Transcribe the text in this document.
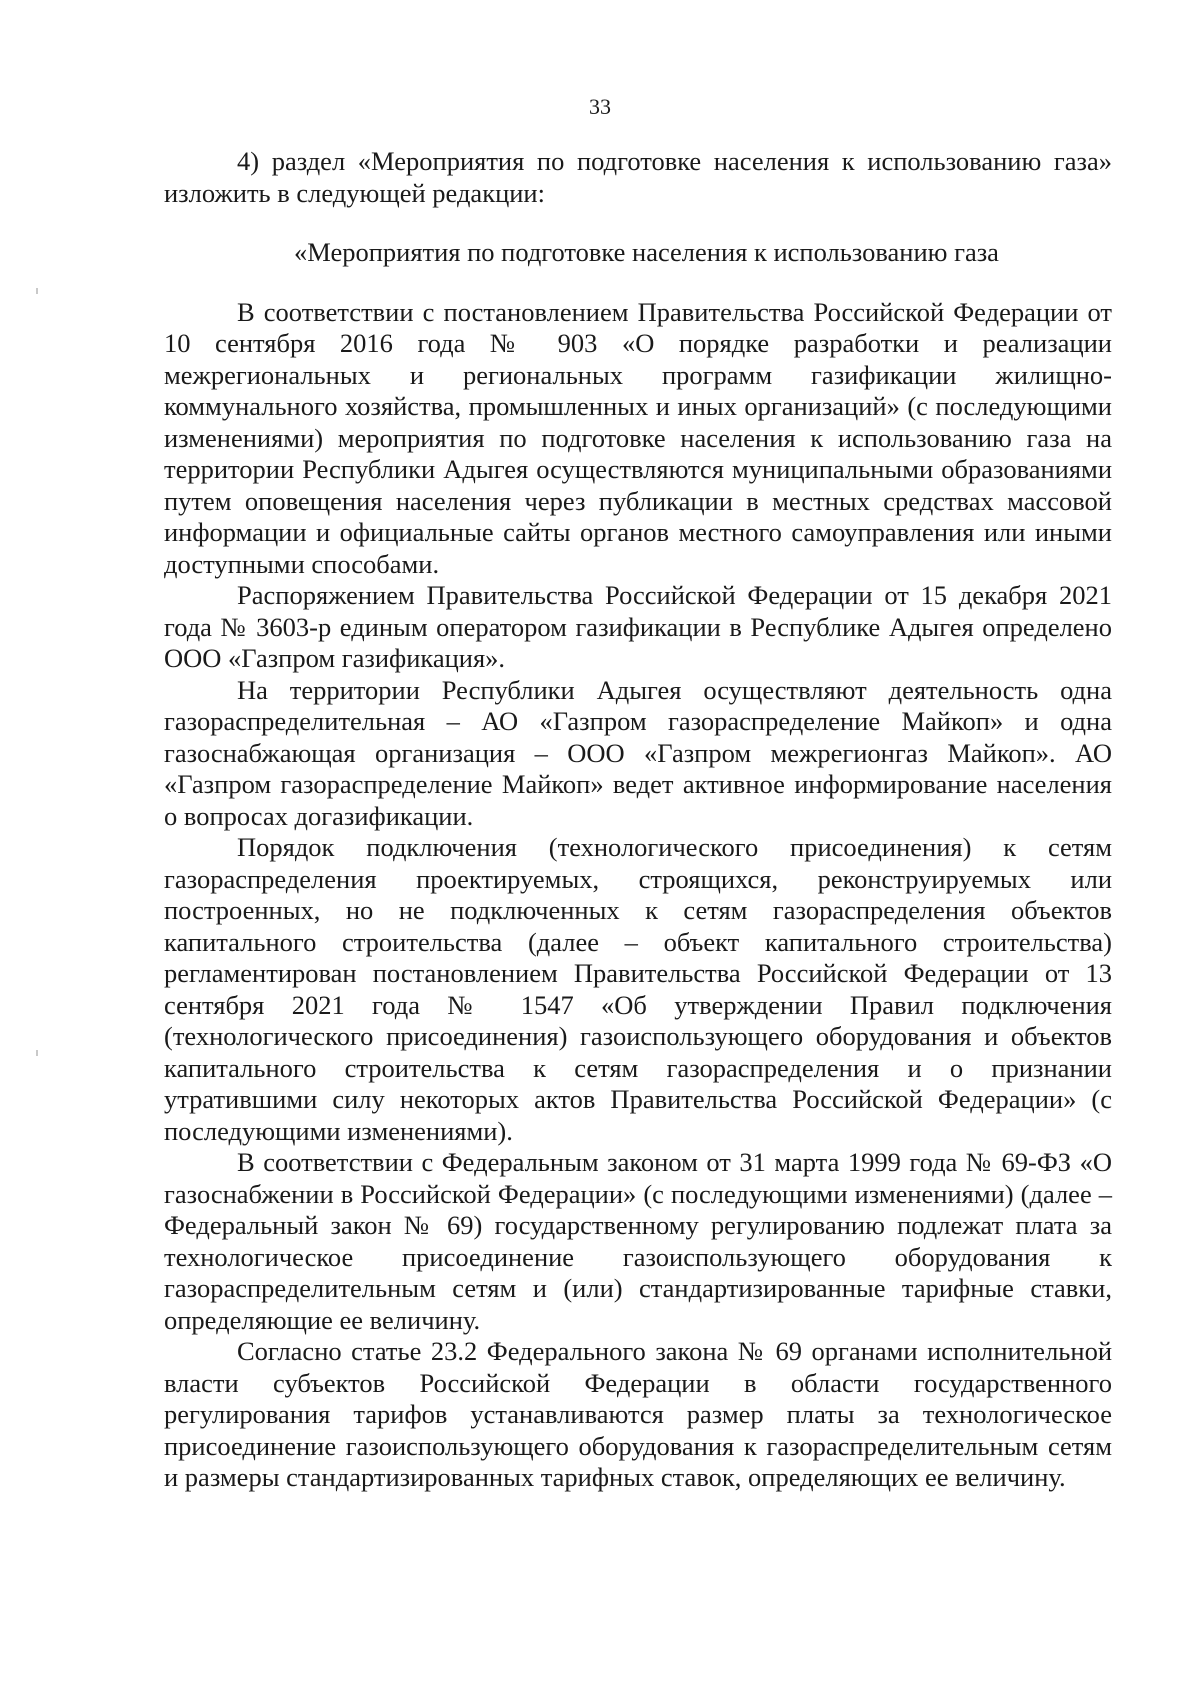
33

4) раздел «Мероприятия по подготовке населения к использованию газа» изложить в следующей редакции:

«Мероприятия по подготовке населения к использованию газа

В соответствии с постановлением Правительства Российской Федерации от 10 сентября 2016 года № 903 «О порядке разработки и реализации межрегиональных и региональных программ газификации жилищно-коммунального хозяйства, промышленных и иных организаций» (с последующими изменениями) мероприятия по подготовке населения к использованию газа на территории Республики Адыгея осуществляются муниципальными образованиями путем оповещения населения через публикации в местных средствах массовой информации и официальные сайты органов местного самоуправления или иными доступными способами.

Распоряжением Правительства Российской Федерации от 15 декабря 2021 года № 3603-р единым оператором газификации в Республике Адыгея определено ООО «Газпром газификация».

На территории Республики Адыгея осуществляют деятельность одна газораспределительная – АО «Газпром газораспределение Майкоп» и одна газоснабжающая организация – ООО «Газпром межрегионгаз Майкоп». АО «Газпром газораспределение Майкоп» ведет активное информирование населения о вопросах догазификации.

Порядок подключения (технологического присоединения) к сетям газораспределения проектируемых, строящихся, реконструируемых или построенных, но не подключенных к сетям газораспределения объектов капитального строительства (далее – объект капитального строительства) регламентирован постановлением Правительства Российской Федерации от 13 сентября 2021 года № 1547 «Об утверждении Правил подключения (технологического присоединения) газоиспользующего оборудования и объектов капитального строительства к сетям газораспределения и о признании утратившими силу некоторых актов Правительства Российской Федерации» (с последующими изменениями).

В соответствии с Федеральным законом от 31 марта 1999 года № 69-ФЗ «О газоснабжении в Российской Федерации» (с последующими изменениями) (далее – Федеральный закон № 69) государственному регулированию подлежат плата за технологическое присоединение газоиспользующего оборудования к газораспределительным сетям и (или) стандартизированные тарифные ставки, определяющие ее величину.

Согласно статье 23.2 Федерального закона № 69 органами исполнительной власти субъектов Российской Федерации в области государственного регулирования тарифов устанавливаются размер платы за технологическое присоединение газоиспользующего оборудования к газораспределительным сетям и размеры стандартизированных тарифных ставок, определяющих ее величину.
